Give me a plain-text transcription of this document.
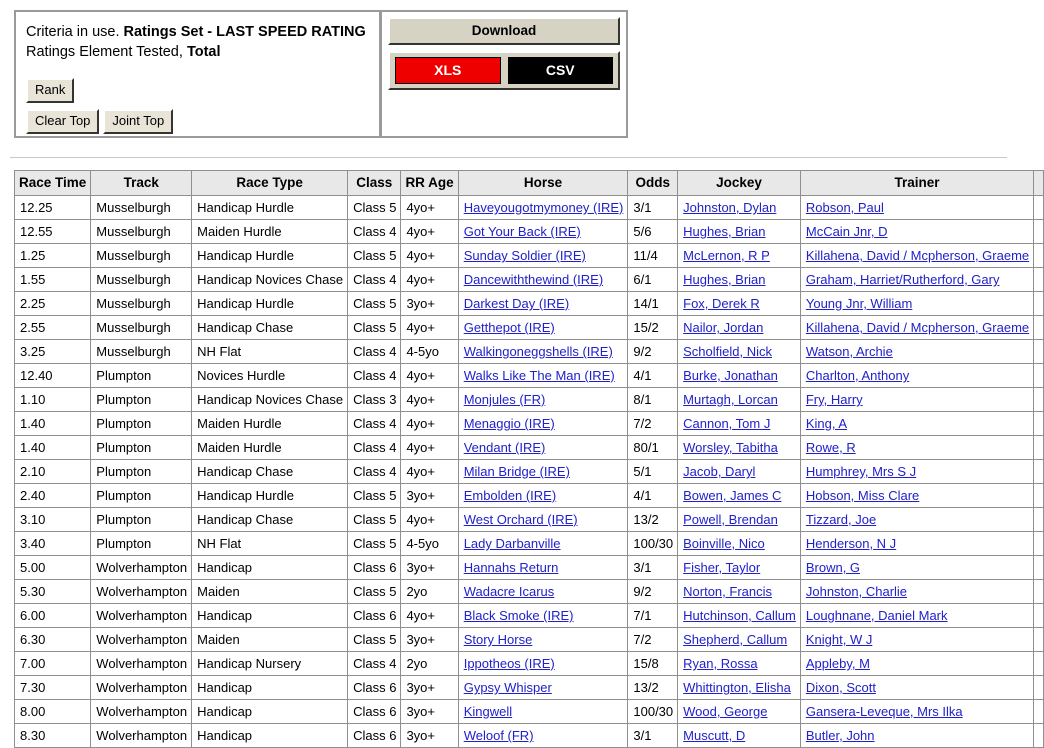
Criteria in use. Ratings Set - LAST SPEED RATING
Ratings Element Tested, Total
Rank
Clear Top	Joint Top
Download
XLS	CSV
Race Time	Track	Race Type	Class	RR Age	Horse	Odds	Jockey	Trainer	
12.25	Musselburgh	Handicap Hurdle	Class 5	4yo+	Haveyougotmymoney (IRE)	3/1	Johnston, Dylan	Robson, Paul	
12.55	Musselburgh	Maiden Hurdle	Class 4	4yo+	Got Your Back (IRE)	5/6	Hughes, Brian	McCain Jnr, D	
1.25	Musselburgh	Handicap Hurdle	Class 5	4yo+	Sunday Soldier (IRE)	11/4	McLernon, R P	Killahena, David / Mcpherson, Graeme	
1.55	Musselburgh	Handicap Novices Chase	Class 4	4yo+	Dancewiththewind (IRE)	6/1	Hughes, Brian	Graham, Harriet/Rutherford, Gary	
2.25	Musselburgh	Handicap Hurdle	Class 5	3yo+	Darkest Day (IRE)	14/1	Fox, Derek R	Young Jnr, William	
2.55	Musselburgh	Handicap Chase	Class 5	4yo+	Getthepot (IRE)	15/2	Nailor, Jordan	Killahena, David / Mcpherson, Graeme	
3.25	Musselburgh	NH Flat	Class 4	4-5yo	Walkingoneggshells (IRE)	9/2	Scholfield, Nick	Watson, Archie	
12.40	Plumpton	Novices Hurdle	Class 4	4yo+	Walks Like The Man (IRE)	4/1	Burke, Jonathan	Charlton, Anthony	
1.10	Plumpton	Handicap Novices Chase	Class 3	4yo+	Monjules (FR)	8/1	Murtagh, Lorcan	Fry, Harry	
1.40	Plumpton	Maiden Hurdle	Class 4	4yo+	Menaggio (IRE)	7/2	Cannon, Tom J	King, A	
1.40	Plumpton	Maiden Hurdle	Class 4	4yo+	Vendant (IRE)	80/1	Worsley, Tabitha	Rowe, R	
2.10	Plumpton	Handicap Chase	Class 4	4yo+	Milan Bridge (IRE)	5/1	Jacob, Daryl	Humphrey, Mrs S J	
2.40	Plumpton	Handicap Hurdle	Class 5	3yo+	Embolden (IRE)	4/1	Bowen, James C	Hobson, Miss Clare	
3.10	Plumpton	Handicap Chase	Class 5	4yo+	West Orchard (IRE)	13/2	Powell, Brendan	Tizzard, Joe	
3.40	Plumpton	NH Flat	Class 5	4-5yo	Lady Darbanville	100/30	Boinville, Nico	Henderson, N J	
5.00	Wolverhampton	Handicap	Class 6	3yo+	Hannahs Return	3/1	Fisher, Taylor	Brown, G	
5.30	Wolverhampton	Maiden	Class 5	2yo	Wadacre Icarus	9/2	Norton, Francis	Johnston, Charlie	
6.00	Wolverhampton	Handicap	Class 6	4yo+	Black Smoke (IRE)	7/1	Hutchinson, Callum	Loughnane, Daniel Mark	
6.30	Wolverhampton	Maiden	Class 5	3yo+	Story Horse	7/2	Shepherd, Callum	Knight, W J	
7.00	Wolverhampton	Handicap Nursery	Class 4	2yo	Ippotheos (IRE)	15/8	Ryan, Rossa	Appleby, M	
7.30	Wolverhampton	Handicap	Class 6	3yo+	Gypsy Whisper	13/2	Whittington, Elisha	Dixon, Scott	
8.00	Wolverhampton	Handicap	Class 6	3yo+	Kingwell	100/30	Wood, George	Gansera-Leveque, Mrs Ilka	
8.30	Wolverhampton	Handicap	Class 6	3yo+	Weloof (FR)	3/1	Muscutt, D	Butler, John	
